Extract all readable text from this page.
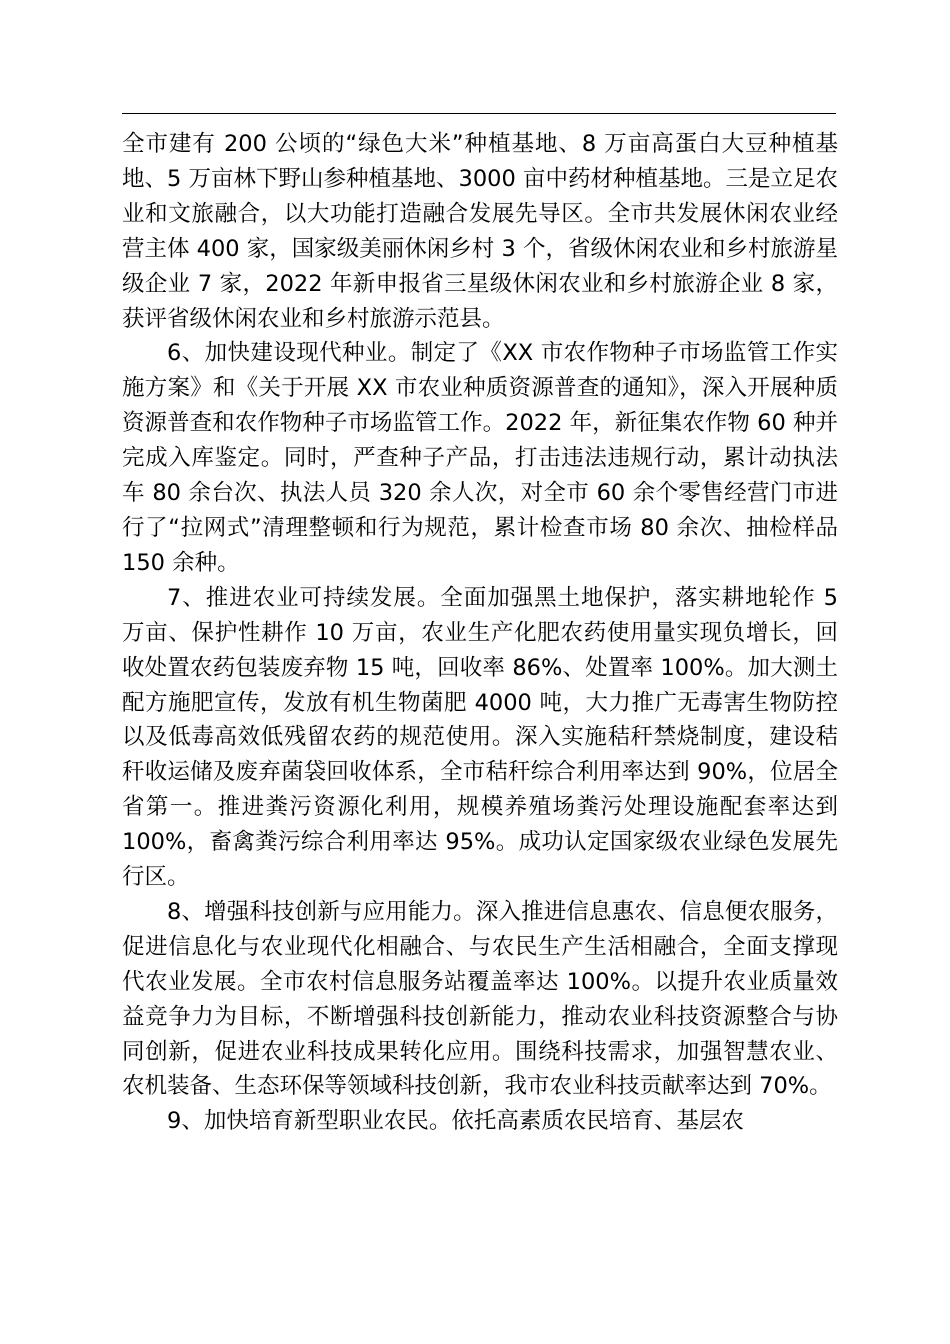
全市建有 200 公顷的“绿色大米”种植基地、8 万亩高蛋白大豆种植基地、5 万亩林下野山参种植基地、3000 亩中药材种植基地。三是立足农业和文旅融合，以大功能打造融合发展先导区。全市共发展休闲农业经营主体 400 家，国家级美丽休闲乡村 3 个，省级休闲农业和乡村旅游星级企业 7 家，2022 年新申报省三星级休闲农业和乡村旅游企业 8 家，获评省级休闲农业和乡村旅游示范县。

6、加快建设现代种业。制定了《XX 市农作物种子市场监管工作实施方案》和《关于开展 XX 市农业种质资源普查的通知》，深入开展种质资源普查和农作物种子市场监管工作。2022 年，新征集农作物 60 种并完成入库鉴定。同时，严查种子产品，打击违法违规行动，累计动执法车 80 余台次、执法人员 320 余人次，对全市 60 余个零售经营门市进行了“拉网式”清理整顿和行为规范，累计检查市场 80 余次、抽检样品 150 余种。

7、推进农业可持续发展。全面加强黑土地保护，落实耕地轮作 5 万亩、保护性耕作 10 万亩，农业生产化肥农药使用量实现负增长，回收处置农药包装废弃物 15 吨，回收率 86%、处置率 100%。加大测土配方施肥宣传，发放有机生物菌肥 4000 吨，大力推广无毒害生物防控以及低毒高效低残留农药的规范使用。深入实施秸秆禁烧制度，建设秸秆收运储及废弃菌袋回收体系，全市秸秆综合利用率达到 90%，位居全省第一。推进粪污资源化利用，规模养殖场粪污处理设施配套率达到 100%，畜禽粪污综合利用率达 95%。成功认定国家级农业绿色发展先行区。

8、增强科技创新与应用能力。深入推进信息惠农、信息便农服务，促进信息化与农业现代化相融合、与农民生产生活相融合，全面支撑现代农业发展。全市农村信息服务站覆盖率达 100%。以提升农业质量效益竞争力为目标，不断增强科技创新能力，推动农业科技资源整合与协同创新，促进农业科技成果转化应用。围绕科技需求，加强智慧农业、农机装备、生态环保等领域科技创新，我市农业科技贡献率达到 70%。

9、加快培育新型职业农民。依托高素质农民培育、基层农
